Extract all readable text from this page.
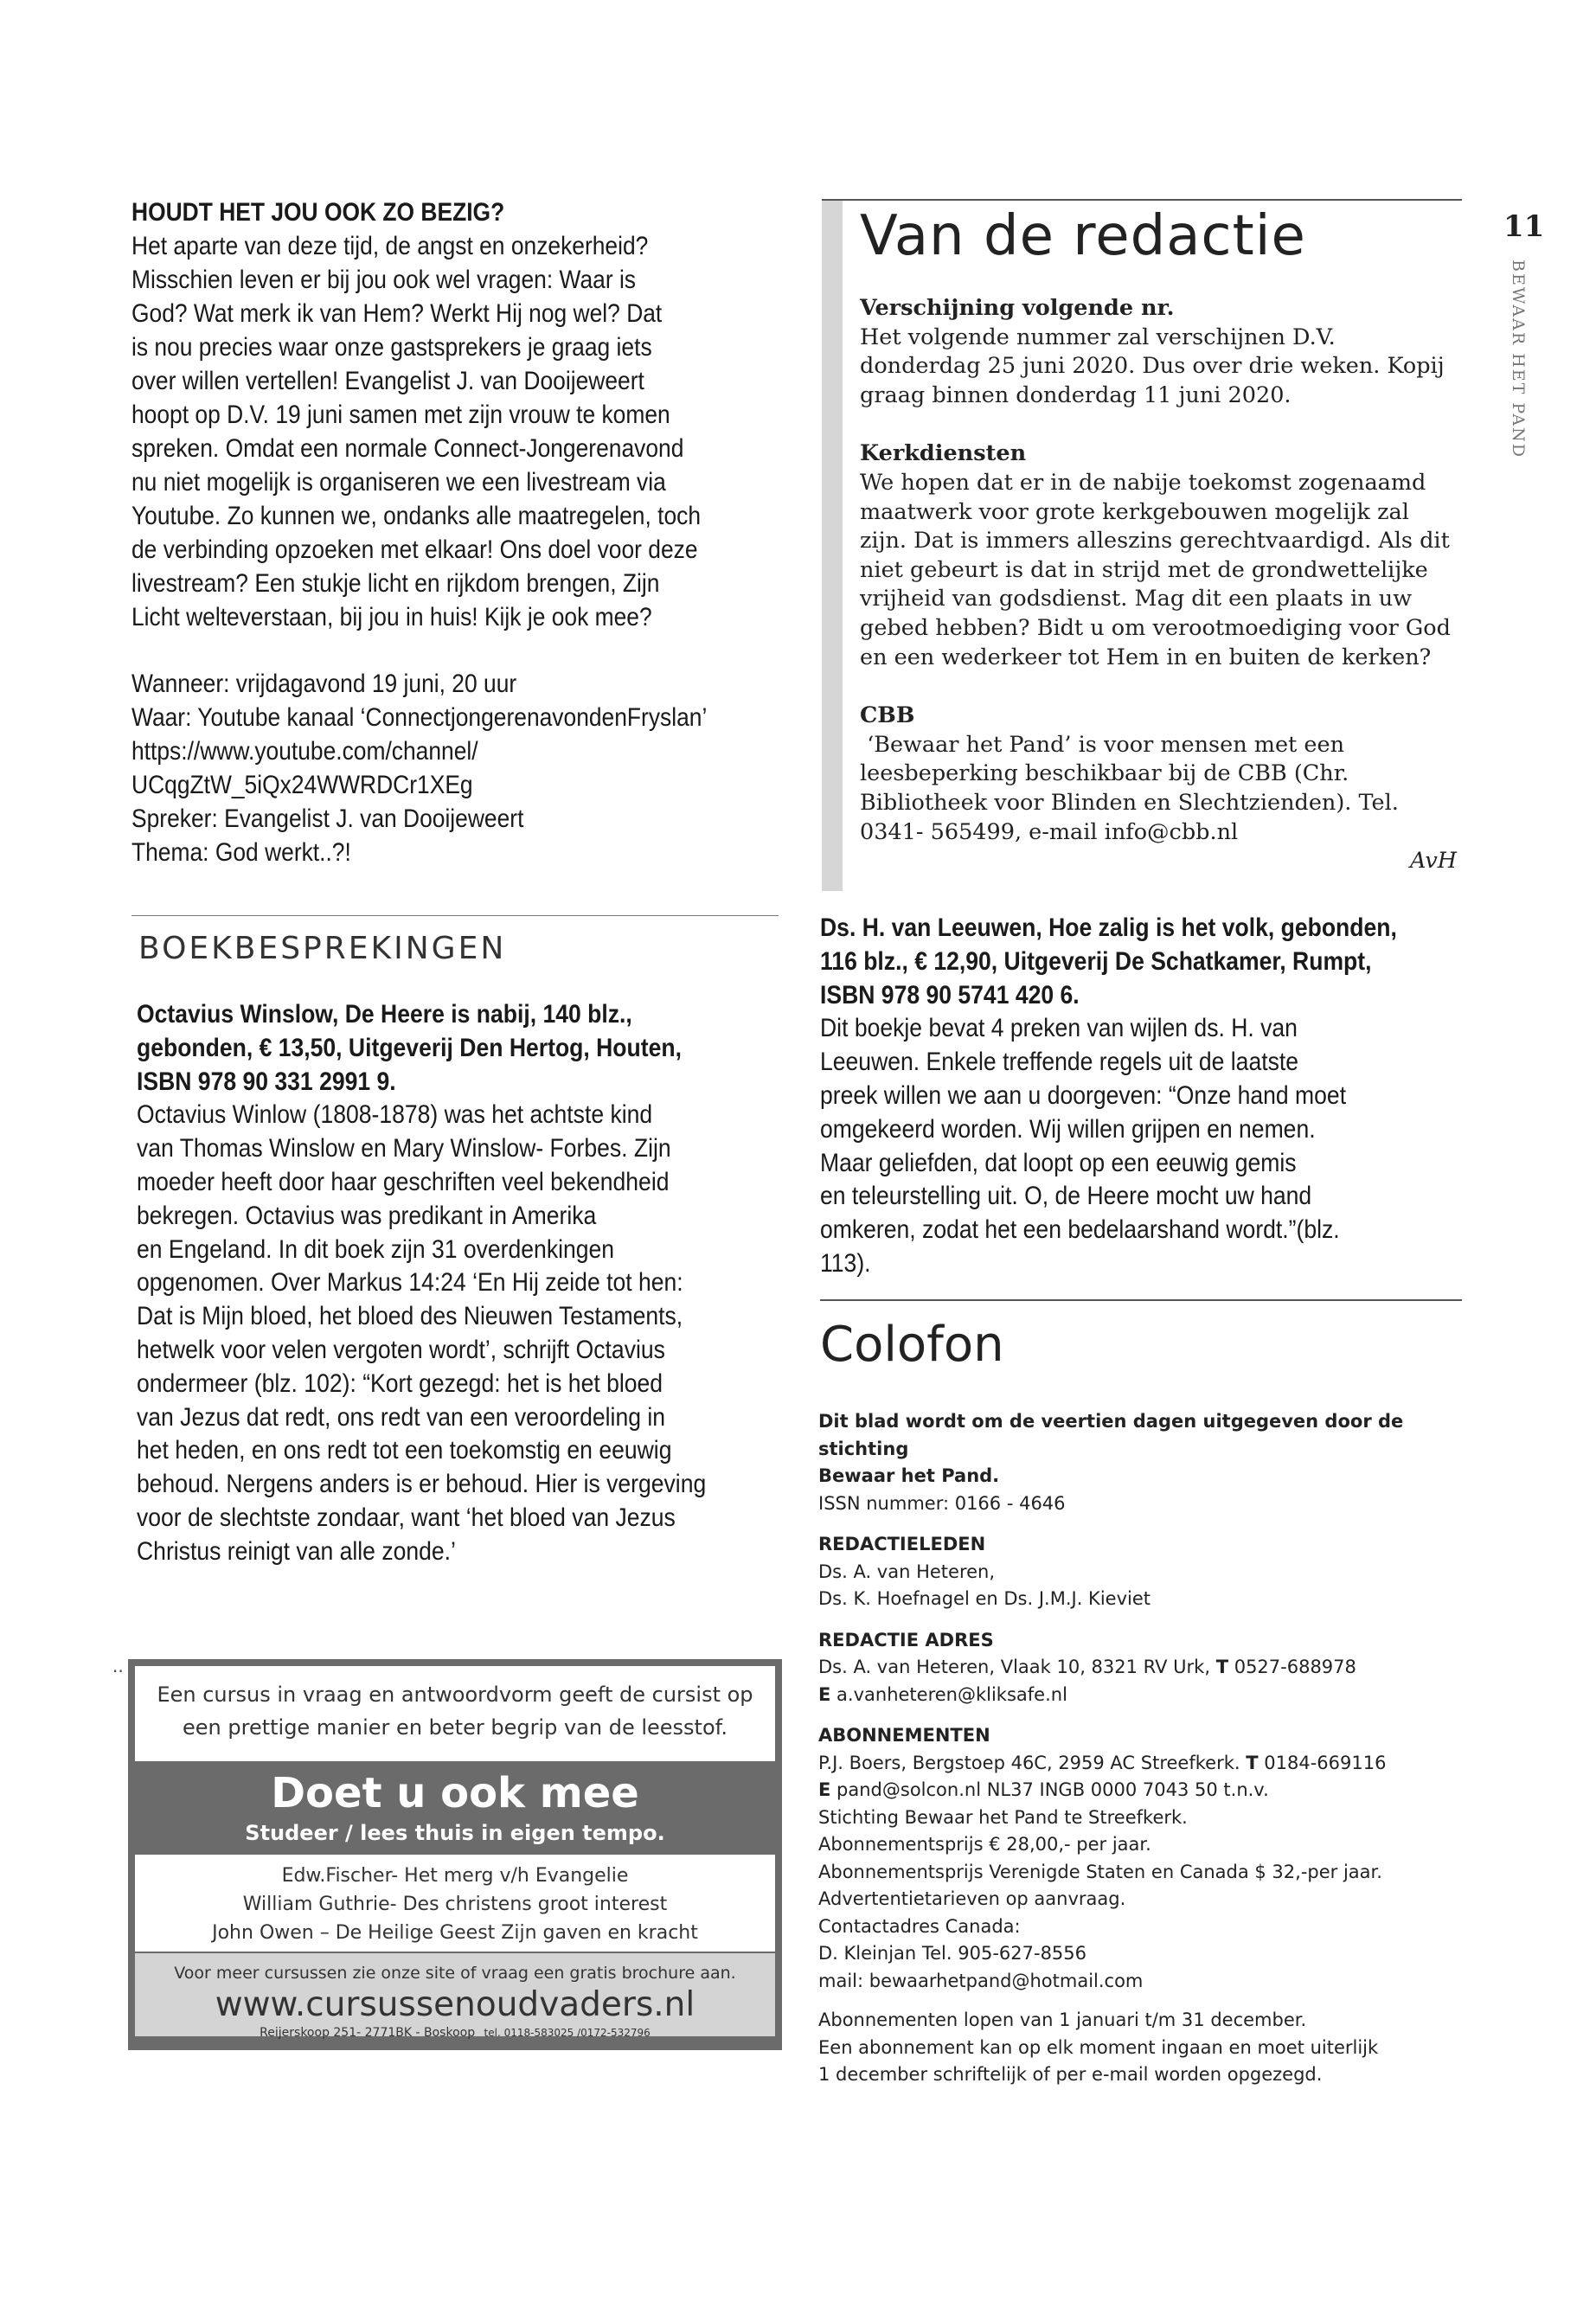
HOUDT HET JOU OOK ZO BEZIG?
Het aparte van deze tijd, de angst en onzekerheid?
Misschien leven er bij jou ook wel vragen: Waar is
God? Wat merk ik van Hem? Werkt Hij nog wel? Dat
is nou precies waar onze gastsprekers je graag iets
over willen vertellen! Evangelist J. van Dooijeweert
hoopt op D.V. 19 juni samen met zijn vrouw te komen
spreken. Omdat een normale Connect-Jongerenavond
nu niet mogelijk is organiseren we een livestream via
Youtube. Zo kunnen we, ondanks alle maatregelen, toch
de verbinding opzoeken met elkaar! Ons doel voor deze
livestream? Een stukje licht en rijkdom brengen, Zijn
Licht welteverstaan, bij jou in huis! Kijk je ook mee?
Wanneer: vrijdagavond 19 juni, 20 uur
Waar: Youtube kanaal ‘ConnectjongerenavondenFryslan’
https://www.youtube.com/channel/
UCqgZtW_5iQx24WWRDCr1XEg
Spreker: Evangelist J. van Dooijeweert
Thema: God werkt..?!
BOEKBESPREKINGEN
Octavius Winslow, De Heere is nabij, 140 blz.,
gebonden, € 13,50, Uitgeverij Den Hertog, Houten,
ISBN 978 90 331 2991 9.
Octavius Winlow (1808-1878) was het achtste kind
van Thomas Winslow en Mary Winslow- Forbes. Zijn
moeder heeft door haar geschriften veel bekendheid
bekregen. Octavius was predikant in Amerika
en Engeland. In dit boek zijn 31 overdenkingen
opgenomen. Over Markus 14:24 ‘En Hij zeide tot hen:
Dat is Mijn bloed, het bloed des Nieuwen Testaments,
hetwelk voor velen vergoten wordt’, schrijft Octavius
ondermeer (blz. 102): “Kort gezegd: het is het bloed
van Jezus dat redt, ons redt van een veroordeling in
het heden, en ons redt tot een toekomstig en eeuwig
behoud. Nergens anders is er behoud. Hier is vergeving
voor de slechtste zondaar, want ‘het bloed van Jezus
Christus reinigt van alle zonde.’
..
Een cursus in vraag en antwoordvorm geeft de cursist op
een prettige manier en beter begrip van de leesstof.
Doet u ook mee
Studeer / lees thuis in eigen tempo.
Edw.Fischer- Het merg v/h Evangelie
William Guthrie- Des christens groot interest
John Owen – De Heilige Geest Zijn gaven en kracht
Voor meer cursussen zie onze site of vraag een gratis brochure aan.
www.cursussenoudvaders.nl
Reijerskoop 251- 2771BK - Boskoop tel. 0118-583025 /0172-532796
Van de redactie
Verschijning volgende nr.
Het volgende nummer zal verschijnen D.V.
donderdag 25 juni 2020. Dus over drie weken. Kopij
graag binnen donderdag 11 juni 2020.
Kerkdiensten
We hopen dat er in de nabije toekomst zogenaamd
maatwerk voor grote kerkgebouwen mogelijk zal
zijn. Dat is immers alleszins gerechtvaardigd. Als dit
niet gebeurt is dat in strijd met de grondwettelijke
vrijheid van godsdienst. Mag dit een plaats in uw
gebed hebben? Bidt u om verootmoediging voor God
en een wederkeer tot Hem in en buiten de kerken?
CBB
‘Bewaar het Pand’ is voor mensen met een
leesbeperking beschikbaar bij de CBB (Chr.
Bibliotheek voor Blinden en Slechtzienden). Tel.
0341- 565499, e-mail info@cbb.nl
AvH
11
BEWAAR HET PAND
Ds. H. van Leeuwen, Hoe zalig is het volk, gebonden,
116 blz., € 12,90, Uitgeverij De Schatkamer, Rumpt,
ISBN 978 90 5741 420 6.
Dit boekje bevat 4 preken van wijlen ds. H. van
Leeuwen. Enkele treffende regels uit de laatste
preek willen we aan u doorgeven: “Onze hand moet
omgekeerd worden. Wij willen grijpen en nemen.
Maar geliefden, dat loopt op een eeuwig gemis
en teleurstelling uit. O, de Heere mocht uw hand
omkeren, zodat het een bedelaarshand wordt.”(blz.
113).
Colofon
Dit blad wordt om de veertien dagen uitgegeven door de stichting
Bewaar het Pand.
ISSN nummer: 0166 - 4646
REDACTIELEDEN
Ds. A. van Heteren,
Ds. K. Hoefnagel en Ds. J.M.J. Kieviet
REDACTIE ADRES
Ds. A. van Heteren, Vlaak 10, 8321 RV Urk, T 0527-688978
E a.vanheteren@kliksafe.nl
ABONNEMENTEN
P.J. Boers, Bergstoep 46C, 2959 AC Streefkerk. T 0184-669116
E pand@solcon.nl NL37 INGB 0000 7043 50 t.n.v.
Stichting Bewaar het Pand te Streefkerk.
Abonnementsprijs € 28,00,- per jaar.
Abonnementsprijs Verenigde Staten en Canada $ 32,-per jaar.
Advertentietarieven op aanvraag.
Contactadres Canada:
D. Kleinjan Tel. 905-627-8556
mail: bewaarhetpand@hotmail.com
Abonnementen lopen van 1 januari t/m 31 december.
Een abonnement kan op elk moment ingaan en moet uiterlijk
1 december schriftelijk of per e-mail worden opgezegd.
